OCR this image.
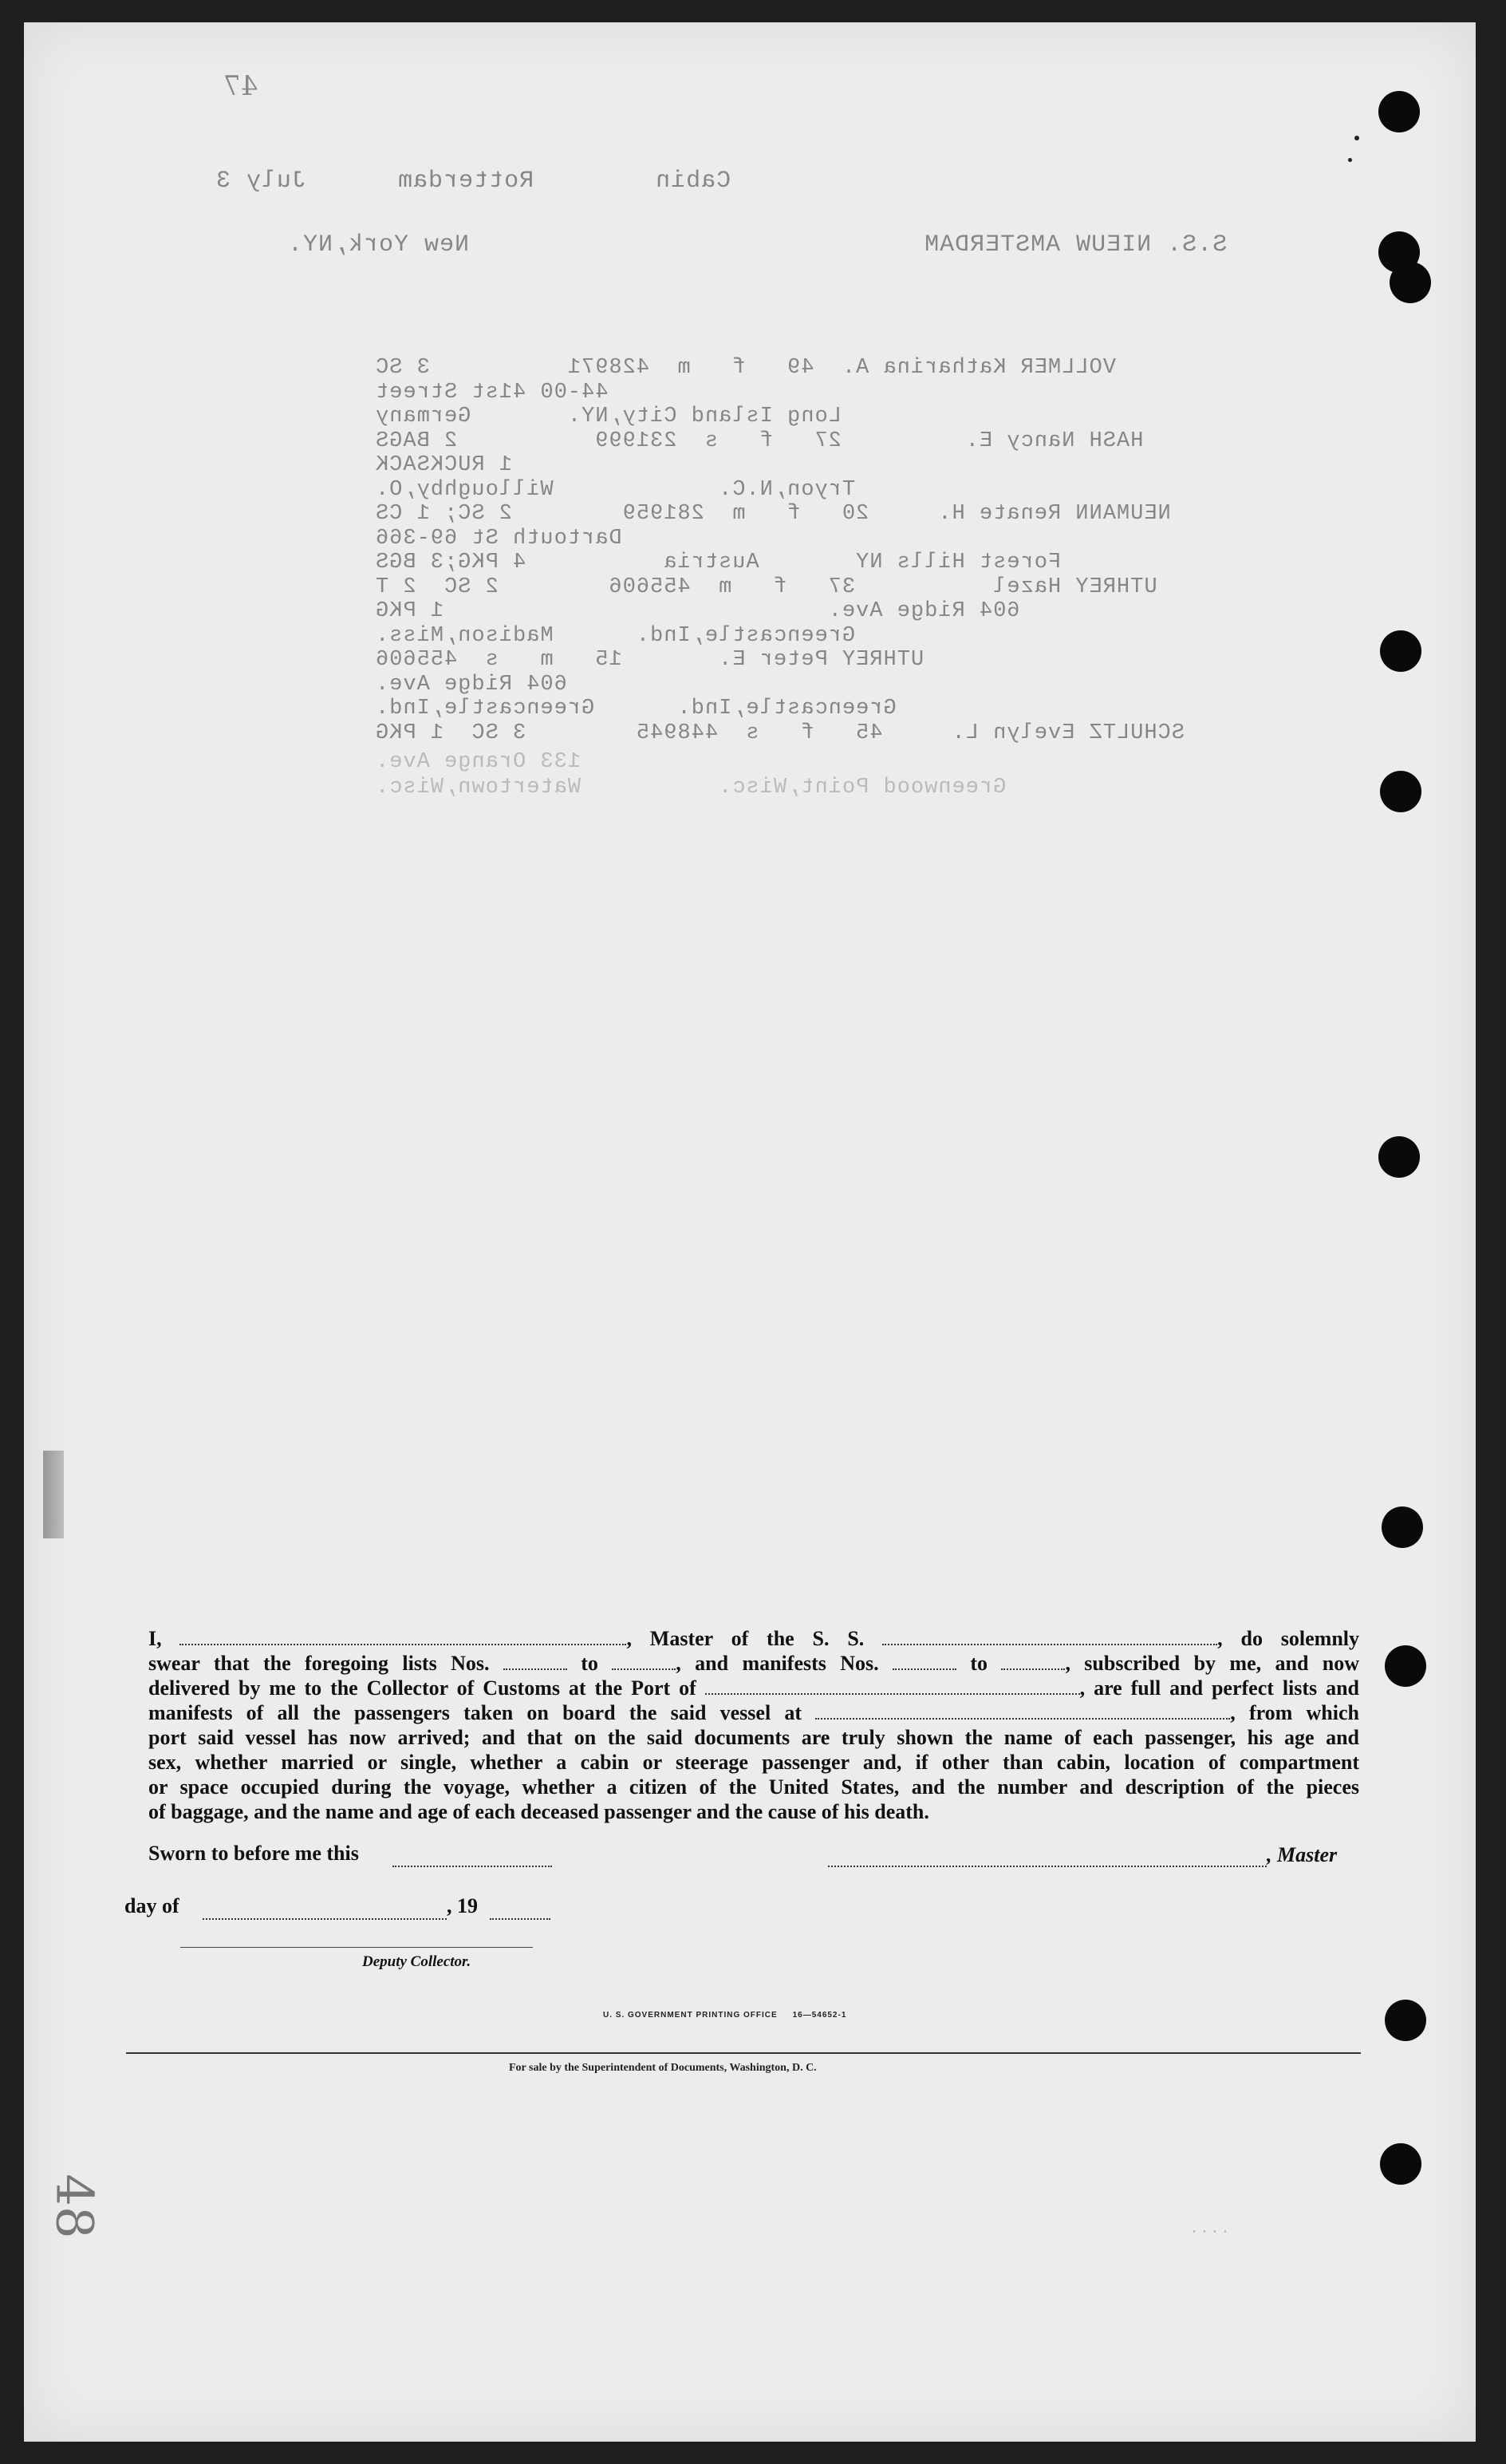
47
Cabin        Rotterdam      July 3
S.S. NIEUW AMSTERDAM                              New York,NY.
VOLLMER Katharina A.  49   f   m  428971          3 SC
44-00 41st Street
Long Island City,NY.       Germany
HASH Nancy E.         27   f   s  231999          2 BAGS
1 RUCKSACK
Tryon,N.C.            Willoughby,O.
NEUMANN Renate H.     20   f   m  281959        2 SC; 1 CS
Dartouth St 69-366
Forest Hills NY       Austria          4 PKG;3 BGS
UTHREY Hazel          37   f   m  455606        2 SC  2 T
604 Ridge Ave.                            1 PKG
Greencastle,Ind.      Madison,Miss.
UTHREY Peter E.       15   m   s  455606
604 Ridge Ave.
Greencastle,Ind.      Greencastle,Ind.
SCHULTZ Evelyn L.     45   f   s  448945        3 SC  1 PKG
133 Orange Ave.
Greenwood Point,Wisc.          Watertown,Wisc.
I,	, Master of the S. S.	, do solemnly
swear that the foregoing lists Nos.	to	, and manifests Nos.	to	, subscribed by me, and now
delivered by me to the Collector of Customs at the Port of	, are full and perfect lists and
manifests of all the passengers taken on board the said vessel at	, from which
port said vessel has now arrived; and that on the said documents are truly shown the name of each passenger, his age and
sex, whether married or single, whether a cabin or steerage passenger and, if other than cabin, location of compartment
or space occupied during the voyage, whether a citizen of the United States, and the number and description of the pieces
of baggage, and the name and age of each deceased passenger and the cause of his death.
Sworn to before me this	, Master
day of	, 19
Deputy Collector.
U. S. GOVERNMENT PRINTING OFFICE     16—54652-1
For sale by the Superintendent of Documents, Washington, D. C.
48	····
